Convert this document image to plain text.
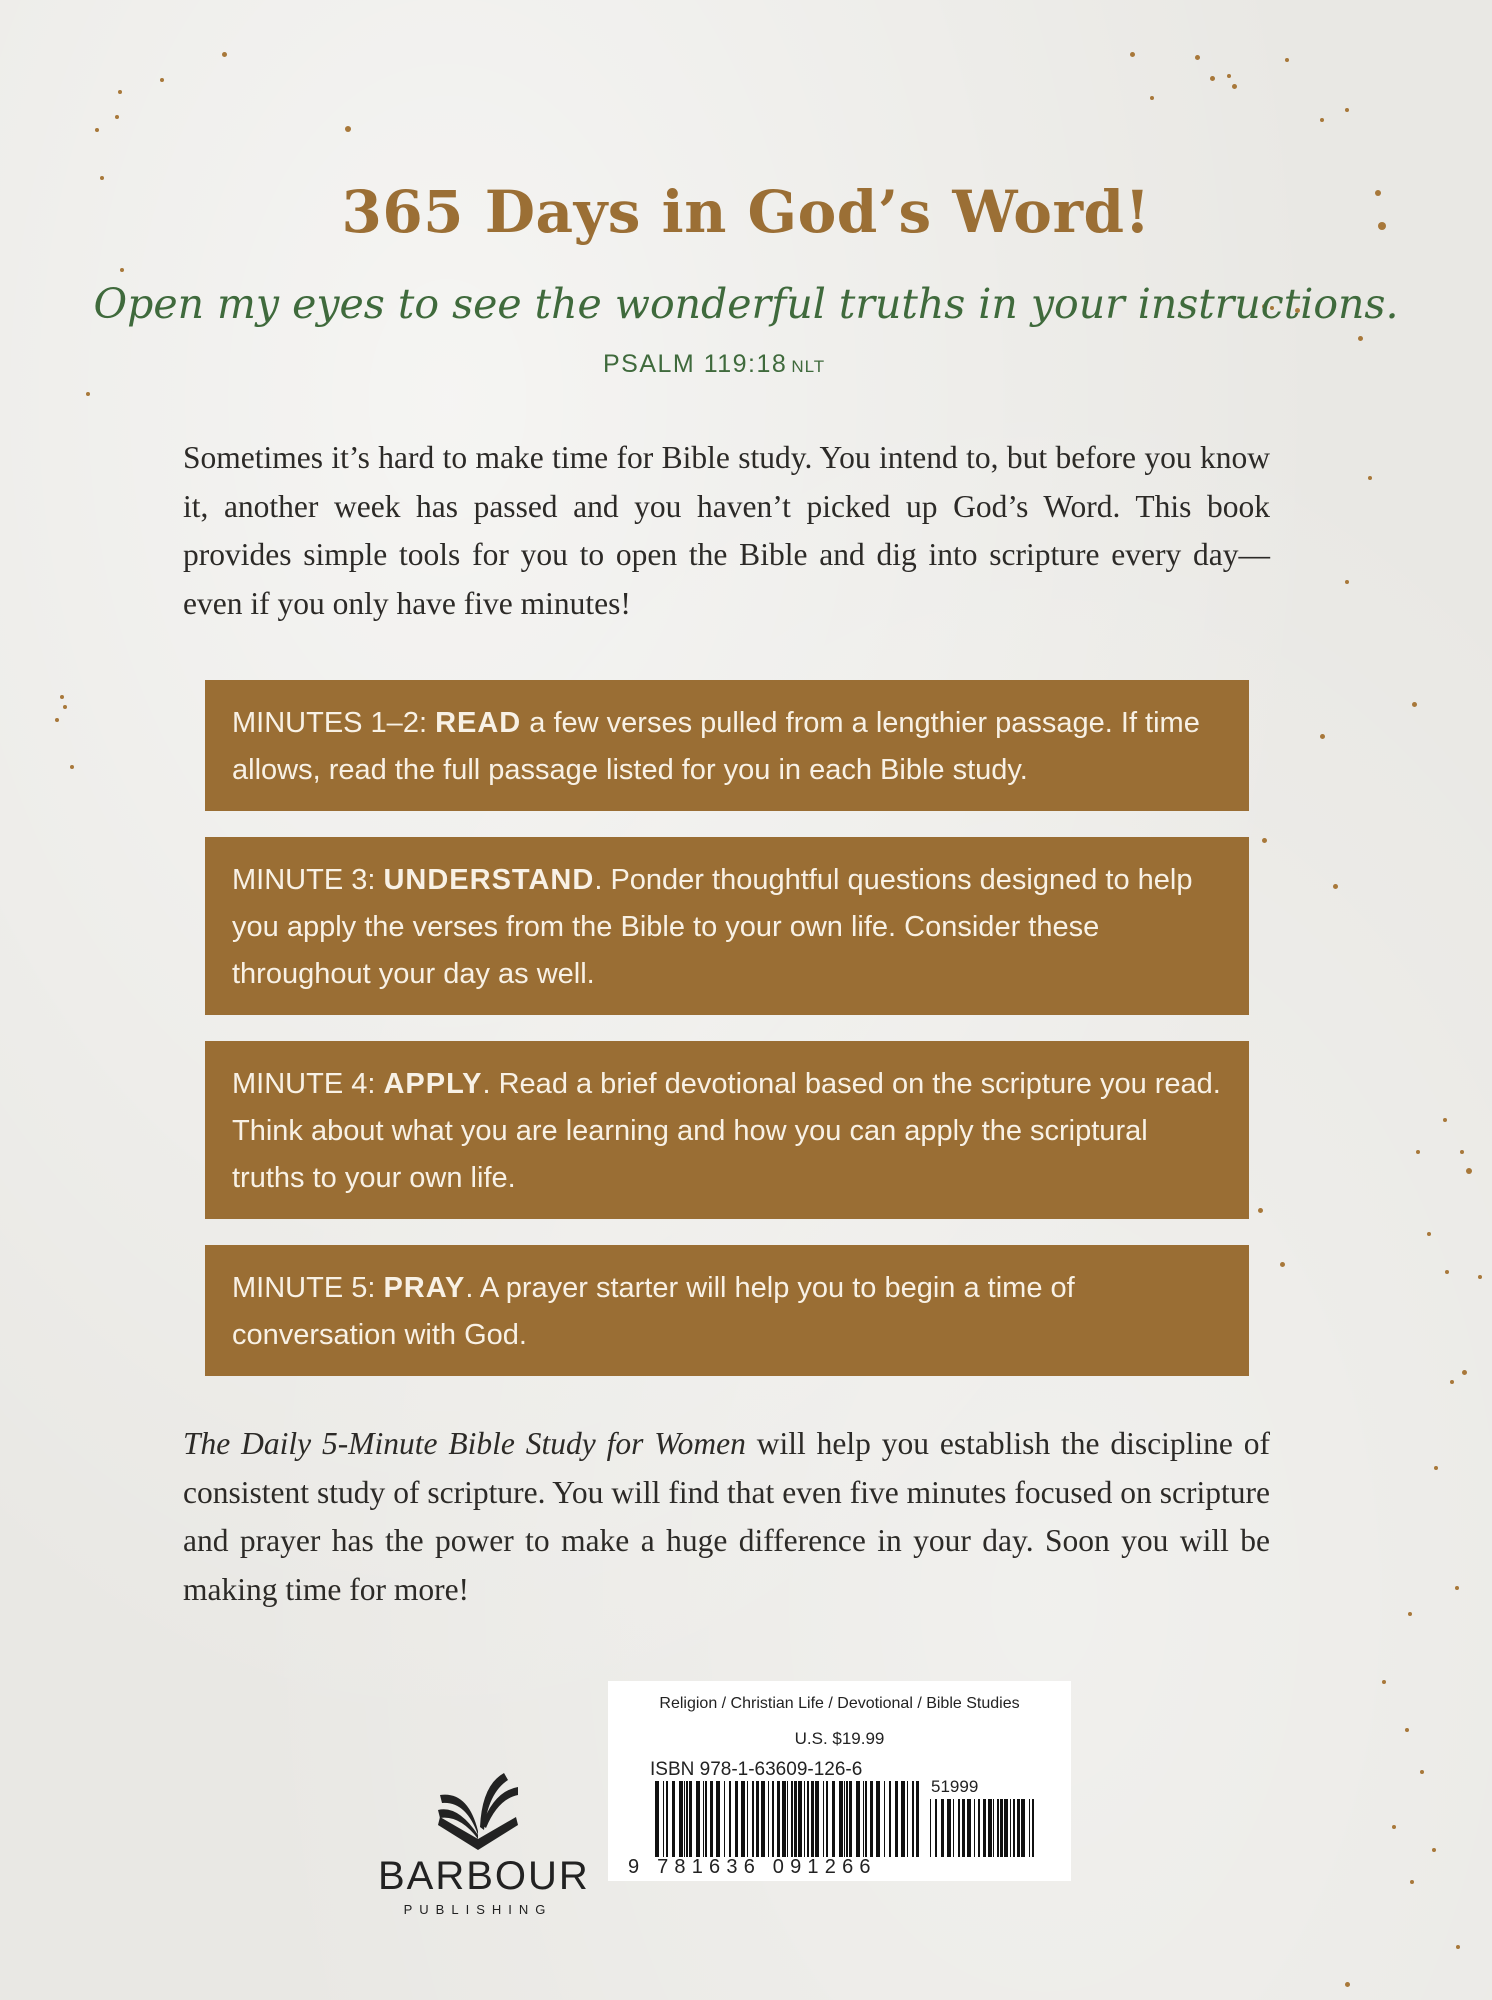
365 Days in God’s Word!
Open my eyes to see the wonderful truths in your instructions.
PSALM 119:18 NLT
Sometimes it’s hard to make time for Bible study. You intend to, but before you know it, another week has passed and you haven’t picked up God’s Word. This book provides simple tools for you to open the Bible and dig into scripture every day—even if you only have five minutes!
MINUTES 1–2: READ a few verses pulled from a lengthier passage. If time allows, read the full passage listed for you in each Bible study.
MINUTE 3: UNDERSTAND. Ponder thoughtful questions designed to help you apply the verses from the Bible to your own life. Consider these throughout your day as well.
MINUTE 4: APPLY. Read a brief devotional based on the scripture you read. Think about what you are learning and how you can apply the scriptural truths to your own life.
MINUTE 5: PRAY. A prayer starter will help you to begin a time of conversation with God.
The Daily 5-Minute Bible Study for Women will help you establish the discipline of consistent study of scripture. You will find that even five minutes focused on scripture and prayer has the power to make a huge difference in your day. Soon you will be making time for more!
BARBOUR
PUBLISHING
Religion / Christian Life / Devotional / Bible Studies
U.S. $19.99
ISBN 978-1-63609-126-6
51999
9 781636 091266
